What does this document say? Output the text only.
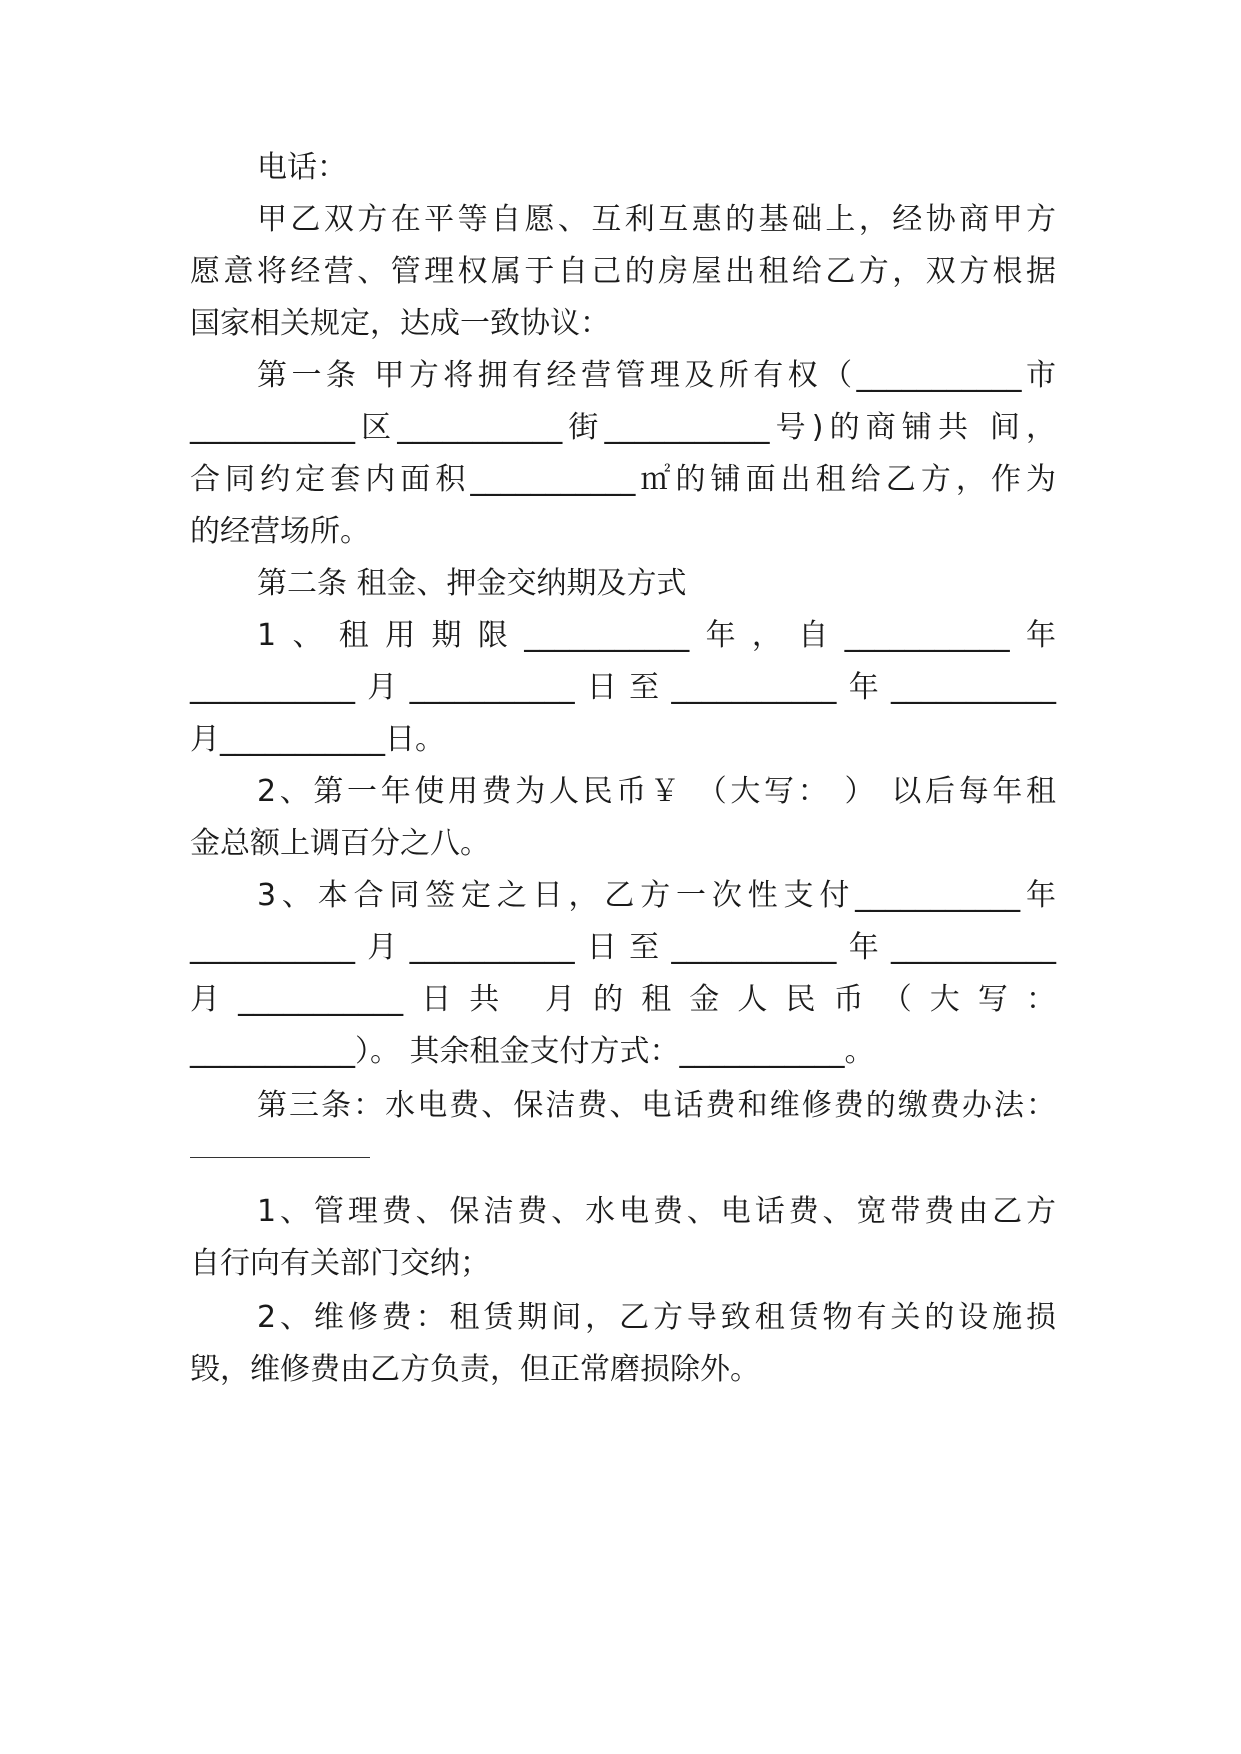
电话：
甲乙双方在平等自愿、互利互惠的基础上，经协商甲方
愿意将经营、管理权属于自己的房屋出租给乙方，双方根据
国家相关规定，达成一致协议：
第一条 甲方将拥有经营管理及所有权（___________市
___________区___________街___________号)的商铺共 间，
合同约定套内面积___________㎡的铺面出租给乙方，作为
的经营场所。
第二条 租金、押金交纳期及方式
1、租用期限___________年，自___________年
___________月___________日至___________年___________
月___________日。
2、第一年使用费为人民币￥ （大写： ） 以后每年租
金总额上调百分之八。
3、本合同签定之日，乙方一次性支付___________年
___________月___________日至___________年___________
月___________日共 月的租金人民币（大写：
___________）。 其余租金支付方式：___________。
第三条：水电费、保洁费、电话费和维修费的缴费办法：
1、管理费、保洁费、水电费、电话费、宽带费由乙方
自行向有关部门交纳；
2、维修费：租赁期间，乙方导致租赁物有关的设施损
毁，维修费由乙方负责，但正常磨损除外。
